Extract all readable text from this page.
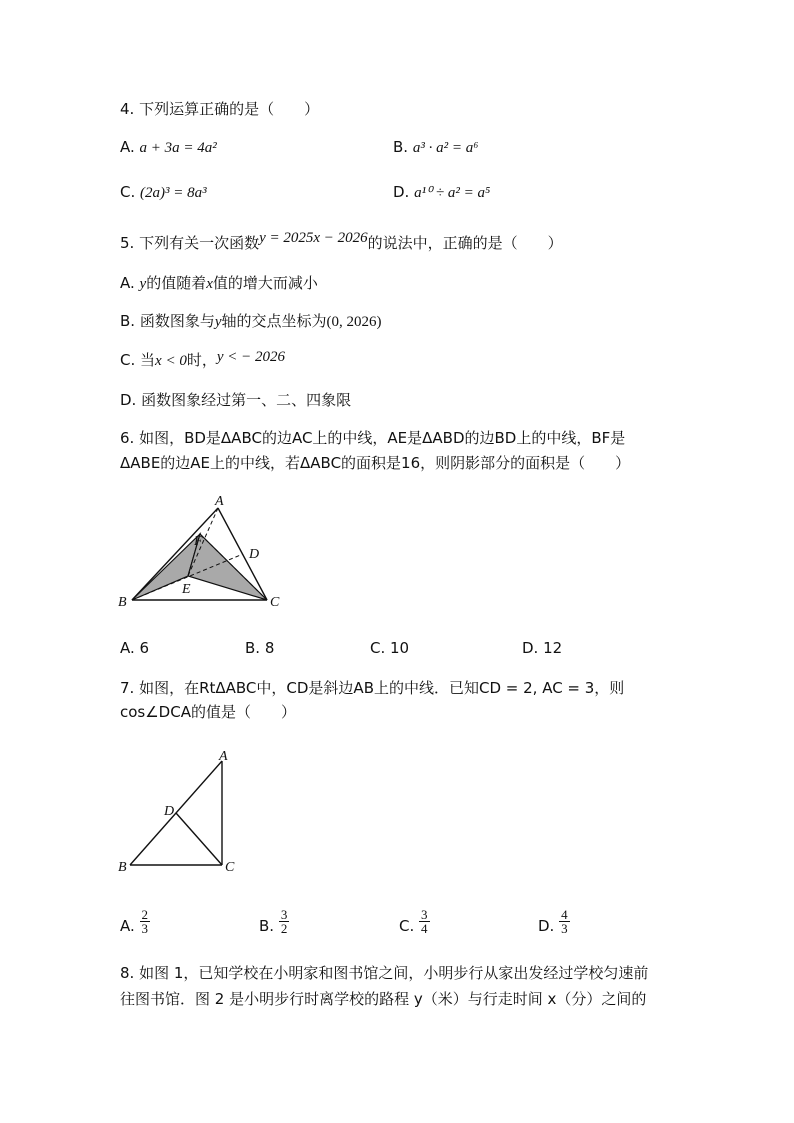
4. 下列运算正确的是（　　）
A. a + 3a = 4a²	B. a³ · a² = a⁶
C. (2a)³ = 8a³	D. a¹⁰ ÷ a² = a⁵
5. 下列有关一次函数y = 2025x − 2026的说法中，正确的是（　　）
A. y的值随着x值的增大而减小
B. 函数图象与y轴的交点坐标为(0, 2026)
C. 当x < 0时，y < − 2026
D. 函数图象经过第一、二、四象限
6. 如图，BD是ΔABC的边AC上的中线，AE是ΔABD的边BD上的中线，BF是
ΔABE的边AE上的中线，若ΔABC的面积是16，则阴影部分的面积是（　　）
A
B	C
D
E
F
A. 6	B. 8	C. 10	D. 12
7. 如图，在RtΔABC中，CD是斜边AB上的中线．已知CD = 2, AC = 3，则
cos∠DCA的值是（　　）
A
B	C
D
A. $\frac{2}{3}$	B. $\frac{3}{2}$	C. $\frac{3}{4}$	D. $\frac{4}{3}$
8. 如图 1，已知学校在小明家和图书馆之间，小明步行从家出发经过学校匀速前
往图书馆．图 2 是小明步行时离学校的路程 y（米）与行走时间 x（分）之间的
